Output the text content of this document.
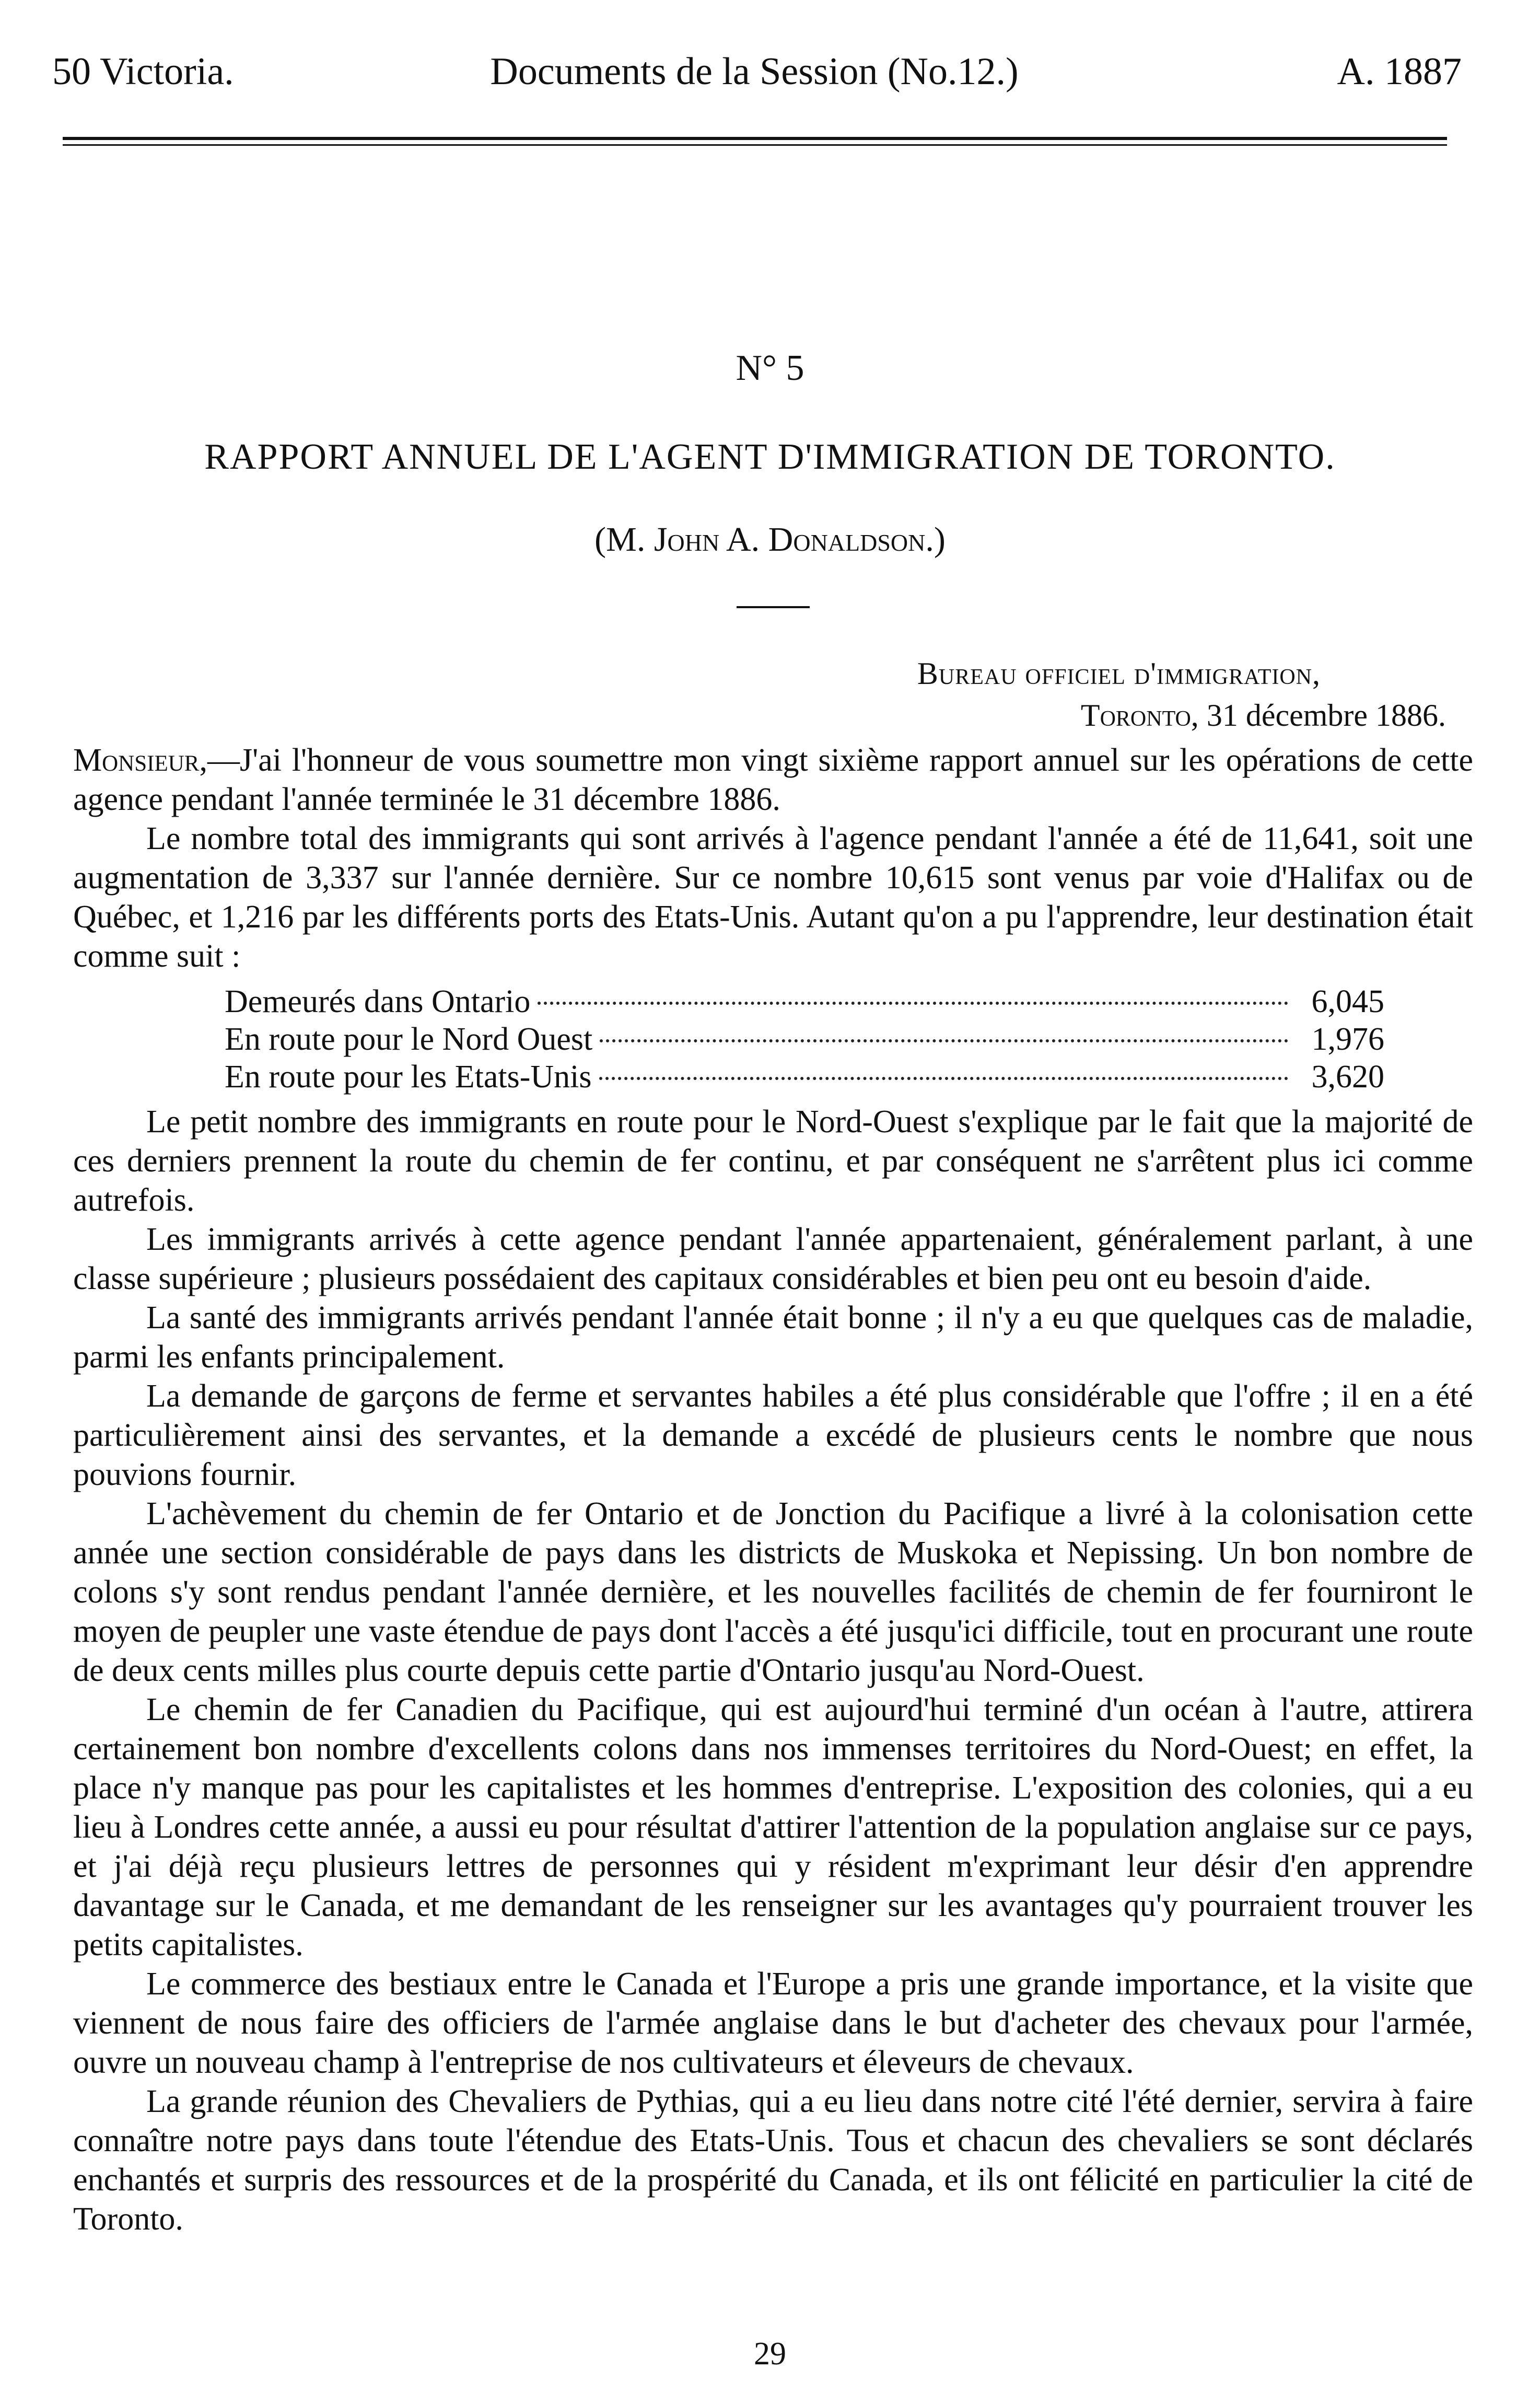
50 Victoria.	Documents de la Session (No.12.)	A. 1887
N° 5
RAPPORT ANNUEL DE L'AGENT D'IMMIGRATION DE TORONTO.
(M. John A. Donaldson.)
Bureau officiel d'immigration,
Toronto, 31 décembre 1886.

Monsieur,—J'ai l'honneur de vous soumettre mon vingt sixième rapport annuel sur les opérations de cette agence pendant l'année terminée le 31 décembre 1886.

Le nombre total des immigrants qui sont arrivés à l'agence pendant l'année a été de 11,641, soit une augmentation de 3,337 sur l'année dernière. Sur ce nombre 10,615 sont venus par voie d'Halifax ou de Québec, et 1,216 par les différents ports des Etats-Unis. Autant qu'on a pu l'apprendre, leur destination était comme suit :

Demeurés dans Ontario	6,045
En route pour le Nord Ouest	1,976
En route pour les Etats-Unis	3,620

Le petit nombre des immigrants en route pour le Nord-Ouest s'explique par le fait que la majorité de ces derniers prennent la route du chemin de fer continu, et par conséquent ne s'arrêtent plus ici comme autrefois.

Les immigrants arrivés à cette agence pendant l'année appartenaient, généralement parlant, à une classe supérieure ; plusieurs possédaient des capitaux considérables et bien peu ont eu besoin d'aide.

La santé des immigrants arrivés pendant l'année était bonne ; il n'y a eu que quelques cas de maladie, parmi les enfants principalement.

La demande de garçons de ferme et servantes habiles a été plus considérable que l'offre ; il en a été particulièrement ainsi des servantes, et la demande a excédé de plusieurs cents le nombre que nous pouvions fournir.

L'achèvement du chemin de fer Ontario et de Jonction du Pacifique a livré à la colonisation cette année une section considérable de pays dans les districts de Muskoka et Nepissing. Un bon nombre de colons s'y sont rendus pendant l'année dernière, et les nouvelles facilités de chemin de fer fourniront le moyen de peupler une vaste étendue de pays dont l'accès a été jusqu'ici difficile, tout en procurant une route de deux cents milles plus courte depuis cette partie d'Ontario jusqu'au Nord-Ouest.

Le chemin de fer Canadien du Pacifique, qui est aujourd'hui terminé d'un océan à l'autre, attirera certainement bon nombre d'excellents colons dans nos immenses territoires du Nord-Ouest; en effet, la place n'y manque pas pour les capitalistes et les hommes d'entreprise. L'exposition des colonies, qui a eu lieu à Londres cette année, a aussi eu pour résultat d'attirer l'attention de la population anglaise sur ce pays, et j'ai déjà reçu plusieurs lettres de personnes qui y résident m'exprimant leur désir d'en apprendre davantage sur le Canada, et me demandant de les renseigner sur les avantages qu'y pourraient trouver les petits capitalistes.

Le commerce des bestiaux entre le Canada et l'Europe a pris une grande importance, et la visite que viennent de nous faire des officiers de l'armée anglaise dans le but d'acheter des chevaux pour l'armée, ouvre un nouveau champ à l'entreprise de nos cultivateurs et éleveurs de chevaux.

La grande réunion des Chevaliers de Pythias, qui a eu lieu dans notre cité l'été dernier, servira à faire connaître notre pays dans toute l'étendue des Etats-Unis. Tous et chacun des chevaliers se sont déclarés enchantés et surpris des ressources et de la prospérité du Canada, et ils ont félicité en particulier la cité de Toronto.

29
